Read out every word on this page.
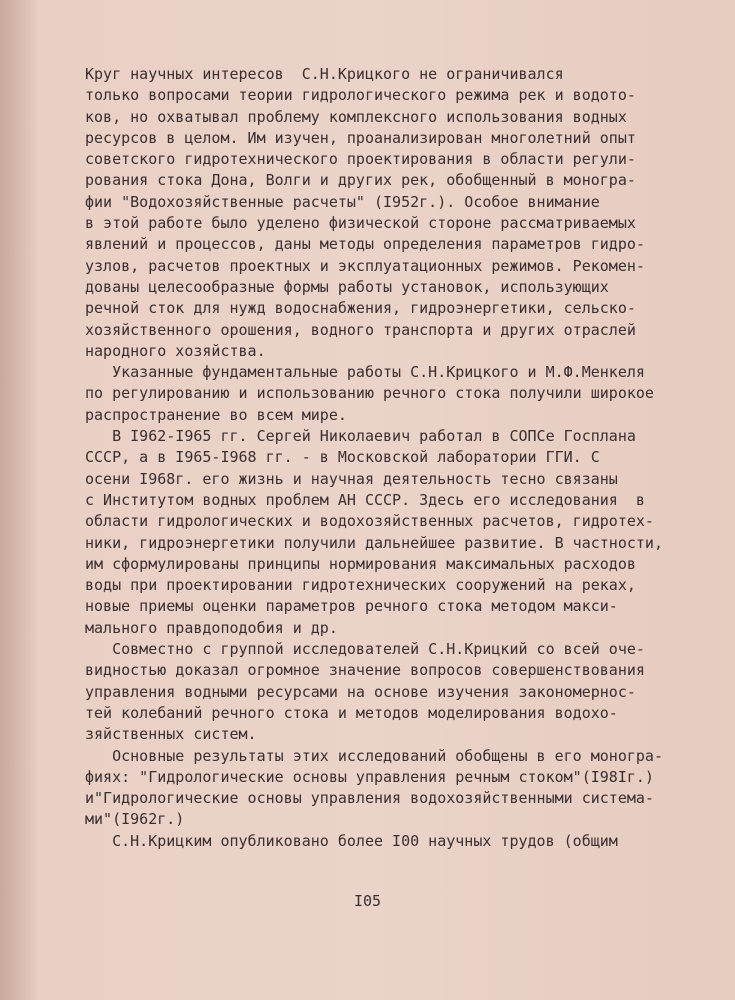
Круг научных интересов  С.Н.Крицкого не ограничивался
только вопросами теории гидрологического режима рек и водото-
ков, но охватывал проблему комплексного использования водных
ресурсов в целом. Им изучен, проанализирован многолетний опыт
советского гидротехнического проектирования в области регули-
рования стока Дона, Волги и других рек, обобщенный в моногра-
фии "Водохозяйственные расчеты" (I952г.). Особое внимание
в этой работе было уделено физической стороне рассматриваемых
явлений и процессов, даны методы определения параметров гидро-
узлов, расчетов проектных и эксплуатационных режимов. Рекомен-
дованы целесообразные формы работы установок, использующих
речной сток для нужд водоснабжения, гидроэнергетики, сельско-
хозяйственного орошения, водного транспорта и других отраслей
народного хозяйства.
Указанные фундаментальные работы С.Н.Крицкого и М.Ф.Менкеля
по регулированию и использованию речного стока получили широкое
распространение во всем мире.
В I962-I965 гг. Сергей Николаевич работал в СОПСе Госплана
СССР, а в I965-I968 гг. - в Московской лаборатории ГГИ. С
осени I968г. его жизнь и научная деятельность тесно связаны
с Институтом водных проблем АН СССР. Здесь его исследования  в
области гидрологических и водохозяйственных расчетов, гидротех-
ники, гидроэнергетики получили дальнейшее развитие. В частности,
им сформулированы принципы нормирования максимальных расходов
воды при проектировании гидротехнических сооружений на реках,
новые приемы оценки параметров речного стока методом макси-
мального правдоподобия и др.
Совместно с группой исследователей С.Н.Крицкий со всей оче-
видностью доказал огромное значение вопросов совершенствования
управления водными ресурсами на основе изучения закономернос-
тей колебаний речного стока и методов моделирования водохо-
зяйственных систем.
Основные результаты этих исследований обобщены в его моногра-
фиях: "Гидрологические основы управления речным стоком"(I98Iг.)
и"Гидрологические основы управления водохозяйственными система-
ми"(I962г.)
С.Н.Крицким опубликовано более I00 научных трудов (общим
I05
